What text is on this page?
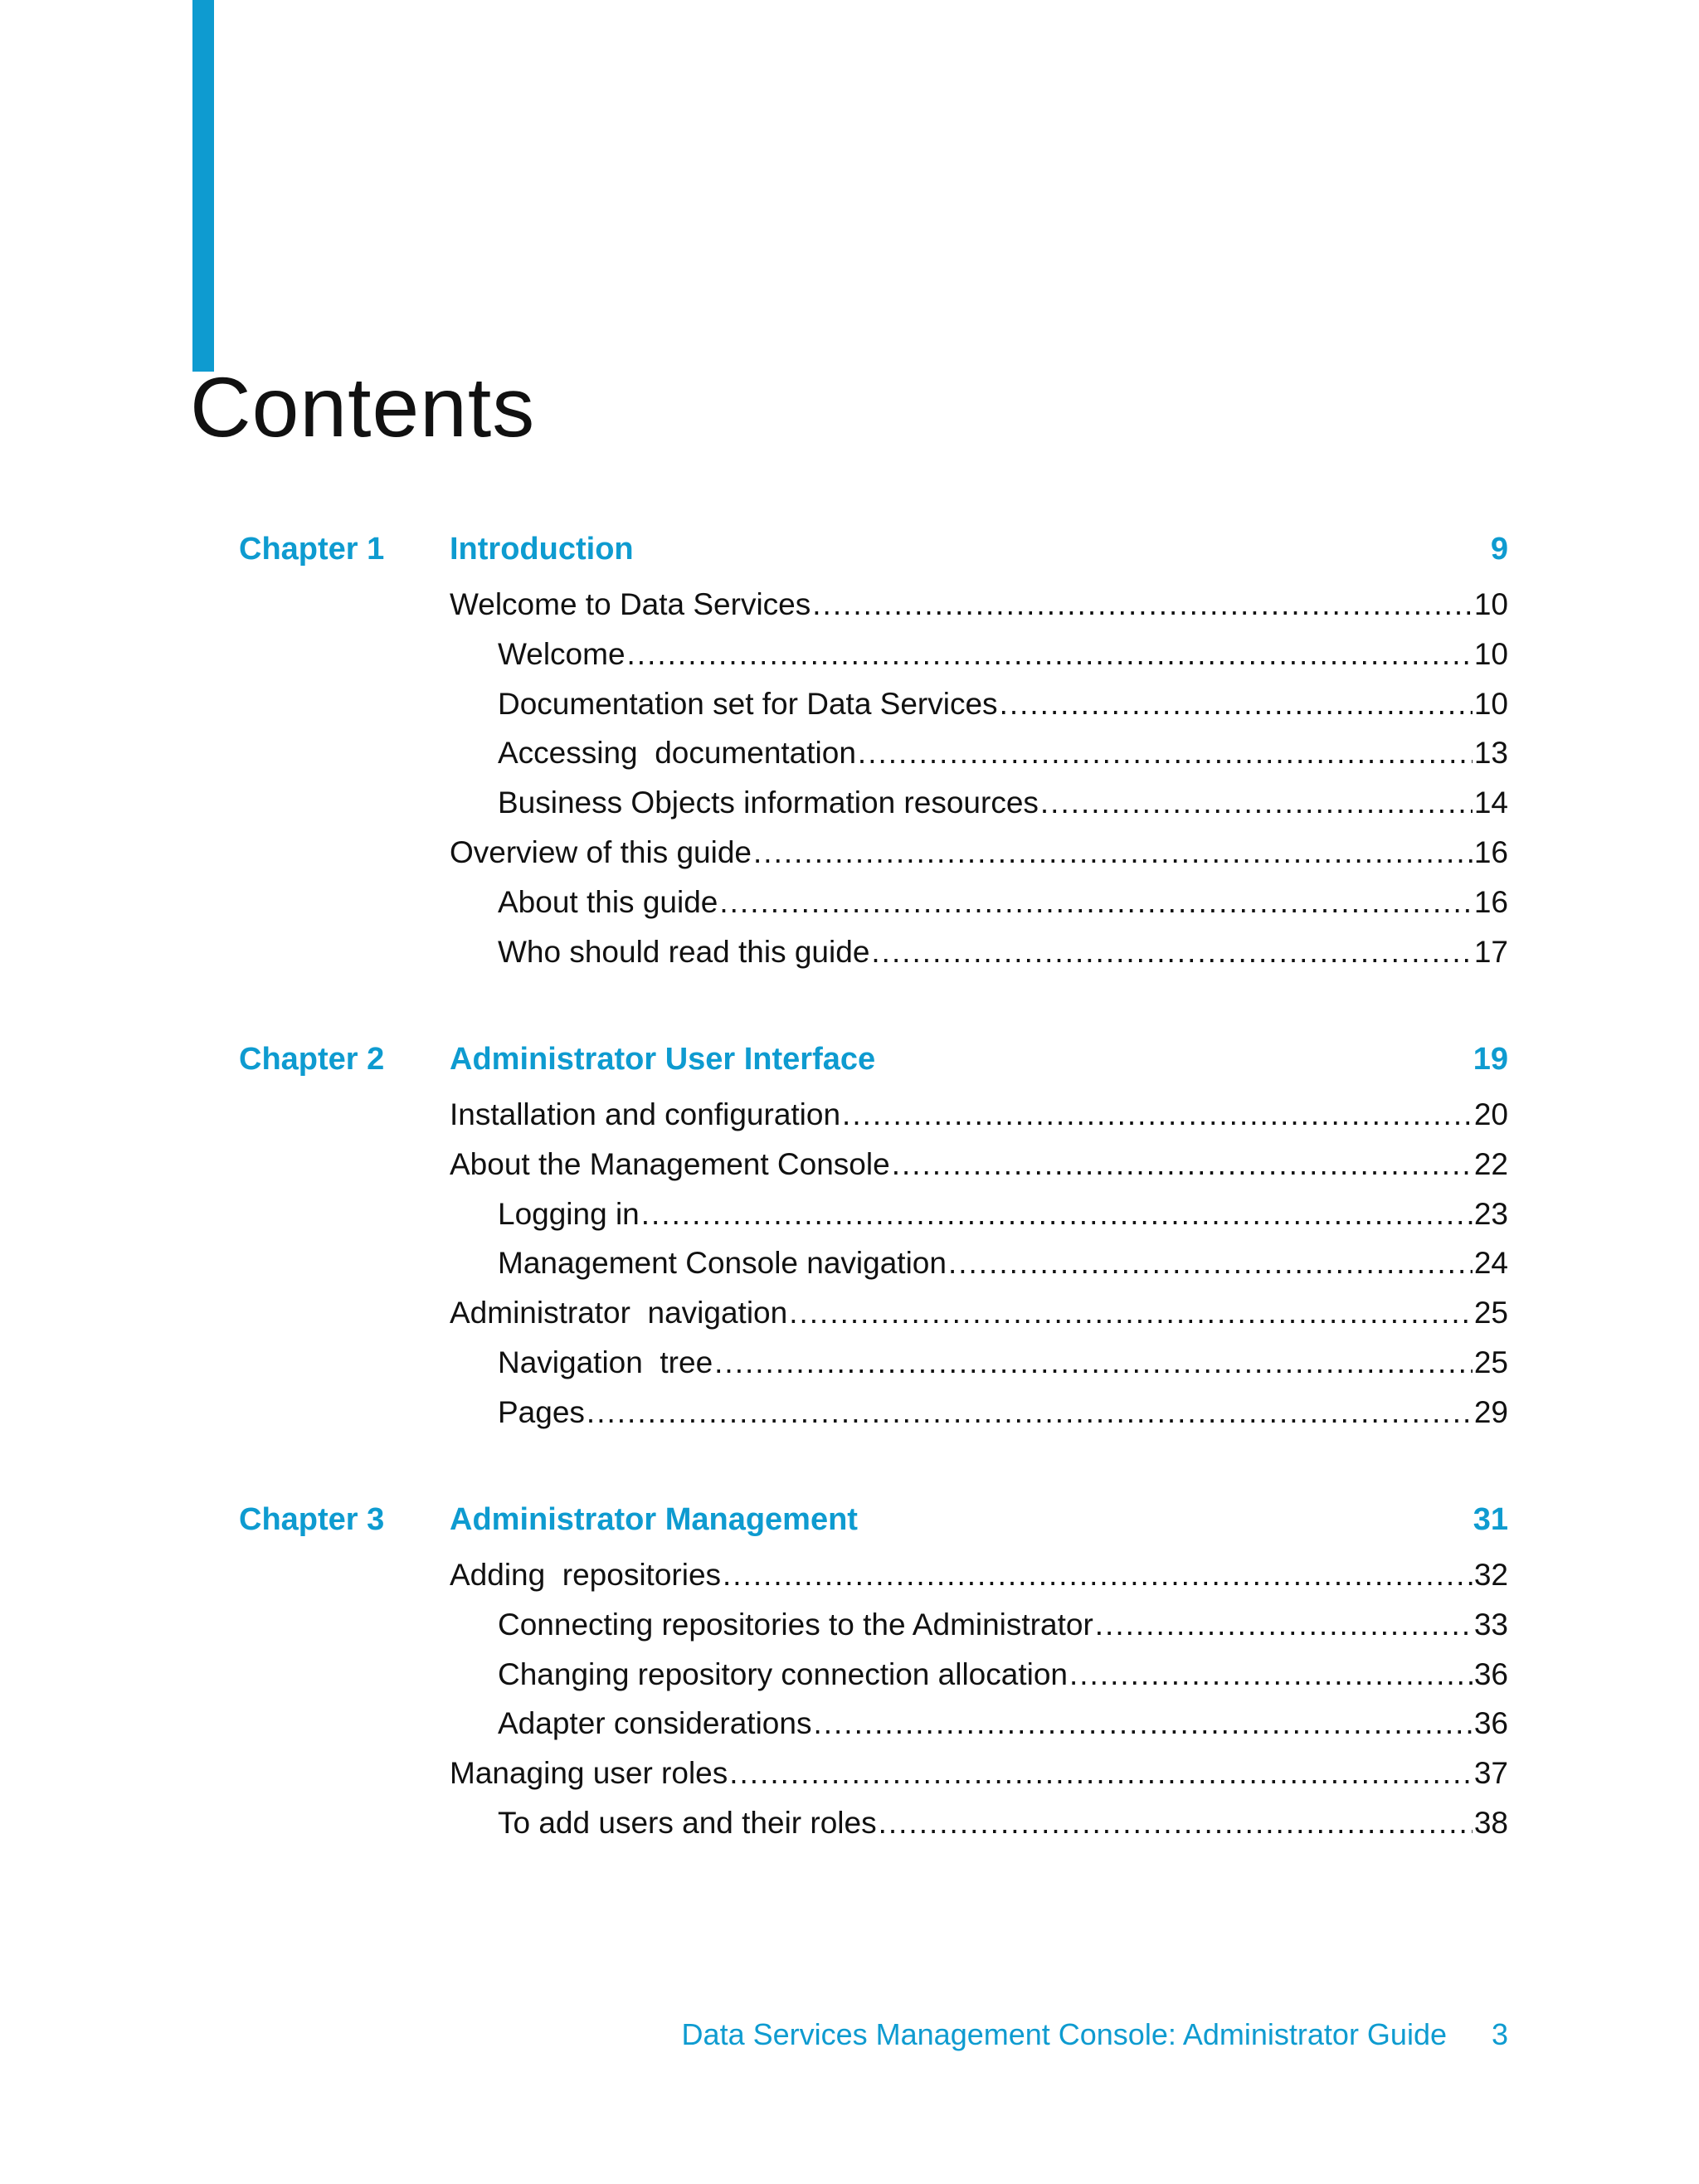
Contents
Chapter 1 Introduction	9
Welcome to Data Services .....	10
Welcome .....	10
Documentation set for Data Services .....	10
Accessing  documentation .....	13
Business Objects information resources .....	14
Overview of this guide .....	16
About this guide .....	16
Who should read this guide .....	17
Chapter 2 Administrator User Interface	19
Installation and configuration .....	20
About the Management Console .....	22
Logging in .....	23
Management Console navigation .....	24
Administrator  navigation .....	25
Navigation  tree .....	25
Pages .....	29
Chapter 3 Administrator Management	31
Adding  repositories .....	32
Connecting repositories to the Administrator .....	33
Changing repository connection allocation .....	36
Adapter considerations .....	36
Managing user roles .....	37
To add users and their roles .....	38
Data Services Management Console: Administrator Guide 3
